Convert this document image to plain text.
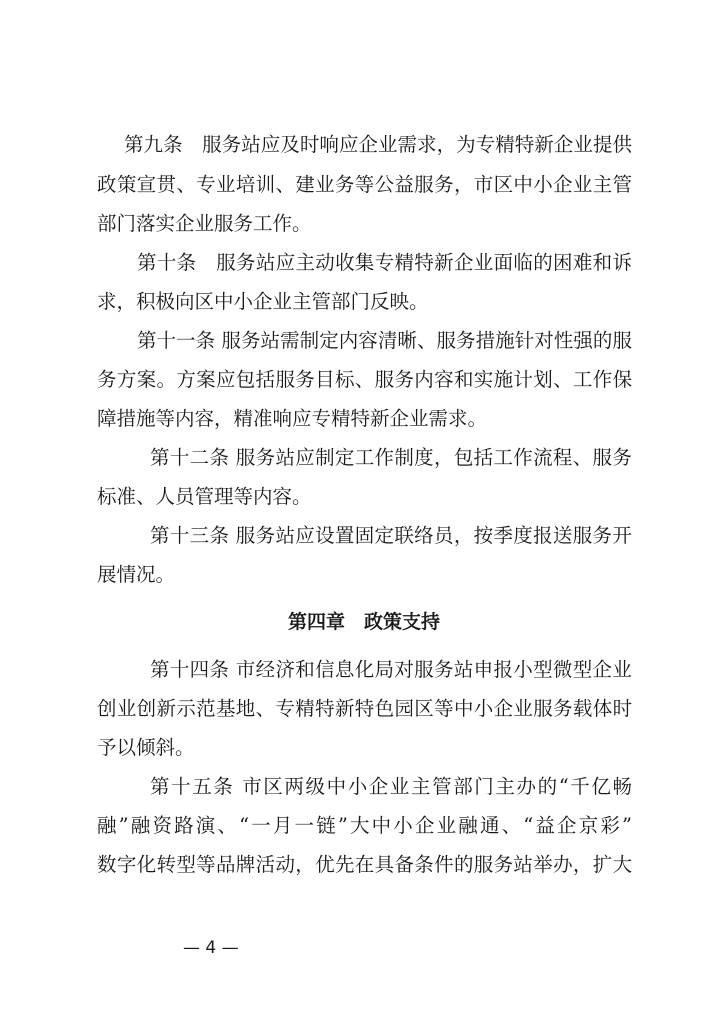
第九条　服务站应及时响应企业需求，为专精特新企业提供

政策宣贯、专业培训、建业务等公益服务，市区中小企业主管

部门落实企业服务工作。

第十条　服务站应主动收集专精特新企业面临的困难和诉

求，积极向区中小企业主管部门反映。

第十一条 服务站需制定内容清晰、服务措施针对性强的服

务方案。方案应包括服务目标、服务内容和实施计划、工作保

障措施等内容，精准响应专精特新企业需求。

第十二条 服务站应制定工作制度，包括工作流程、服务

标准、人员管理等内容。

第十三条 服务站应设置固定联络员，按季度报送服务开

展情况。

第四章　政策支持

第十四条 市经济和信息化局对服务站申报小型微型企业

创业创新示范基地、专精特新特色园区等中小企业服务载体时

予以倾斜。

第十五条 市区两级中小企业主管部门主办的“千亿畅

融”融资路演、“一月一链”大中小企业融通、“益企京彩”

数字化转型等品牌活动，优先在具备条件的服务站举办，扩大

— 4 —
